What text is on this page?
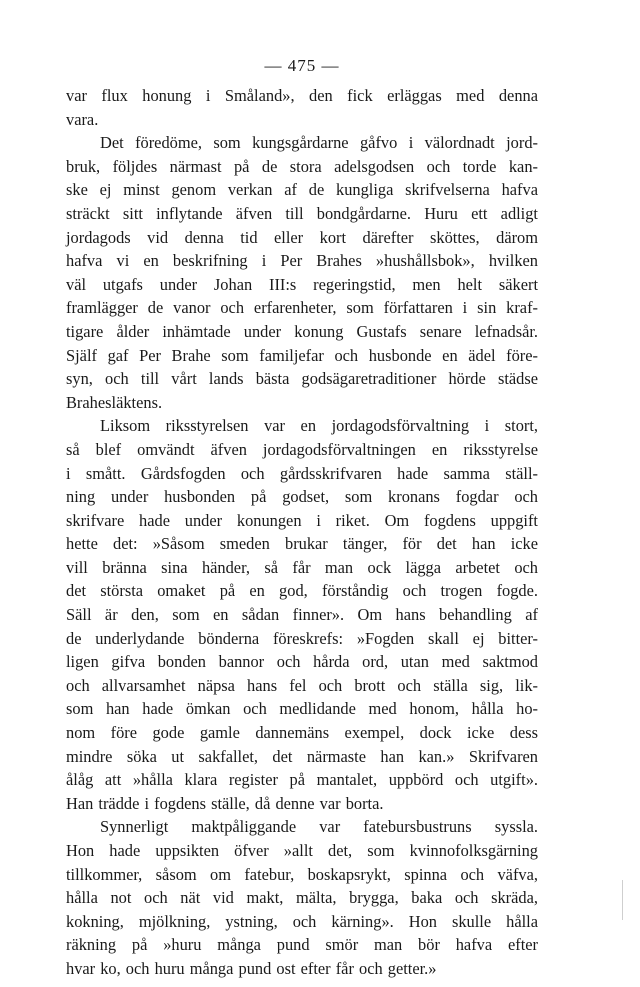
— 475 —

var flux honung i Småland», den fick erläggas med denna

vara.

Det föredöme, som kungsgårdarne gåfvo i välordnadt jord-

bruk, följdes närmast på de stora adelsgodsen och torde kan-

ske ej minst genom verkan af de kungliga skrifvelserna hafva

sträckt sitt inflytande äfven till bondgårdarne. Huru ett adligt

jordagods vid denna tid eller kort därefter sköttes, därom

hafva vi en beskrifning i Per Brahes »hushållsbok», hvilken

väl utgafs under Johan III:s regeringstid, men helt säkert

framlägger de vanor och erfarenheter, som författaren i sin kraf-

tigare ålder inhämtade under konung Gustafs senare lefnadsår.

Själf gaf Per Brahe som familjefar och husbonde en ädel före-

syn, och till vårt lands bästa godsägaretraditioner hörde städse

Brahesläktens.

Liksom riksstyrelsen var en jordagodsförvaltning i stort,

så blef omvändt äfven jordagodsförvaltningen en riksstyrelse

i smått. Gårdsfogden och gårdsskrifvaren hade samma ställ-

ning under husbonden på godset, som kronans fogdar och

skrifvare hade under konungen i riket. Om fogdens uppgift

hette det: »Såsom smeden brukar tänger, för det han icke

vill bränna sina händer, så får man ock lägga arbetet och

det största omaket på en god, förståndig och trogen fogde.

Säll är den, som en sådan finner». Om hans behandling af

de underlydande bönderna föreskrefs: »Fogden skall ej bitter-

ligen gifva bonden bannor och hårda ord, utan med saktmod

och allvarsamhet näpsa hans fel och brott och ställa sig, lik-

som han hade ömkan och medlidande med honom, hålla ho-

nom före gode gamle dannemäns exempel, dock icke dess

mindre söka ut sakfallet, det närmaste han kan.» Skrifvaren

ålåg att »hålla klara register på mantalet, uppbörd och utgift».

Han trädde i fogdens ställe, då denne var borta.

Synnerligt maktpåliggande var fatebursbustruns syssla.

Hon hade uppsikten öfver »allt det, som kvinnofolksgärning

tillkommer, såsom om fatebur, boskapsrykt, spinna och väfva,

hålla not och nät vid makt, mälta, brygga, baka och skräda,

kokning, mjölkning, ystning, och kärning». Hon skulle hålla

räkning på »huru många pund smör man bör hafva efter

hvar ko, och huru många pund ost efter får och getter.»
